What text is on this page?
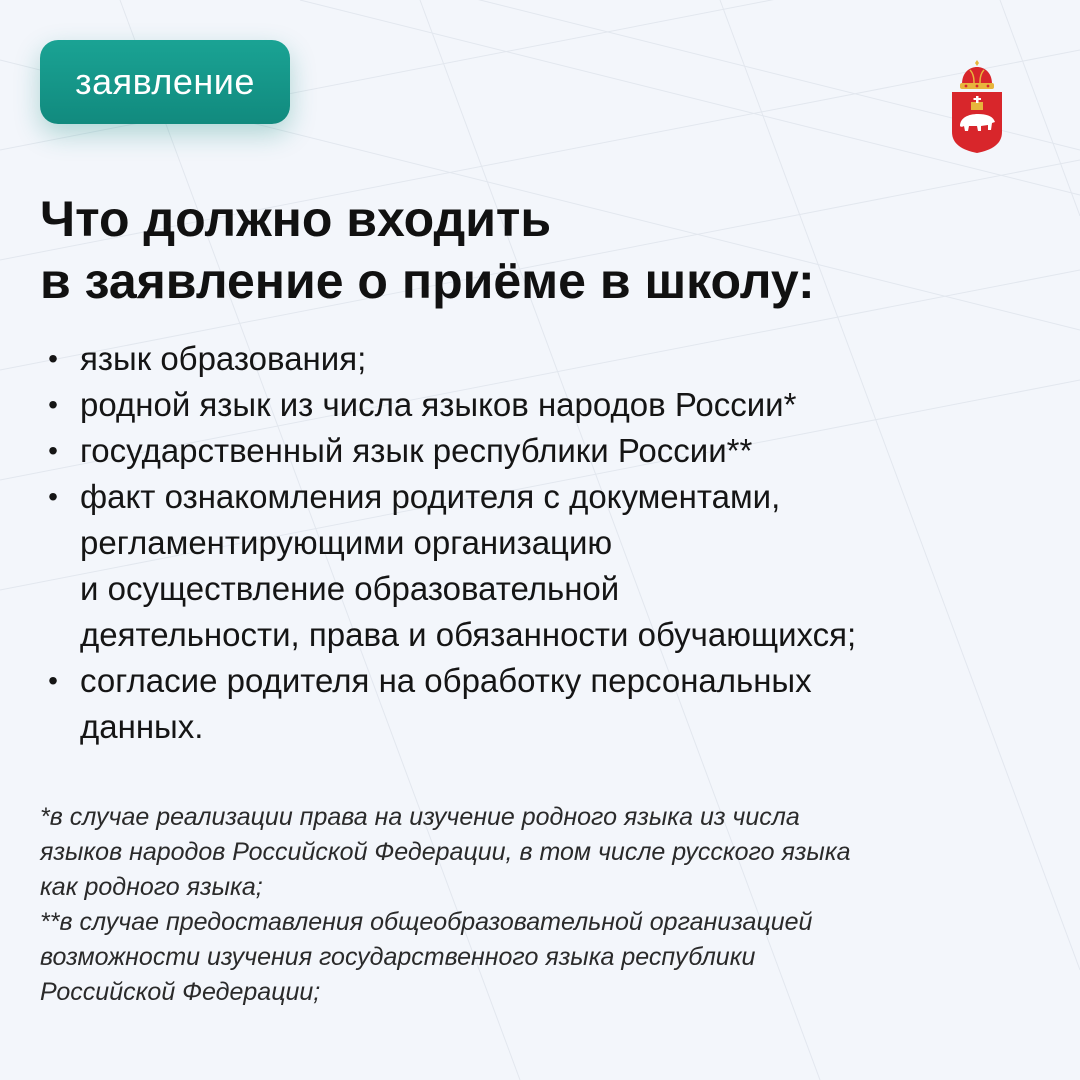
заявление
Что должно входить
в заявление о приёме в школу:
• язык образования;
• родной язык из числа языков народов России*
• государственный язык республики России**
• факт ознакомления родителя с документами,
регламентирующими организацию
и осуществление образовательной
деятельности, права и обязанности обучающихся;
• согласие родителя на обработку персональных
данных.
*в случае реализации права на изучение родного языка из числа
языков народов Российской Федерации, в том числе русского языка
как родного языка;
**в случае предоставления общеобразовательной организацией
возможности изучения государственного языка республики
Российской Федерации;
